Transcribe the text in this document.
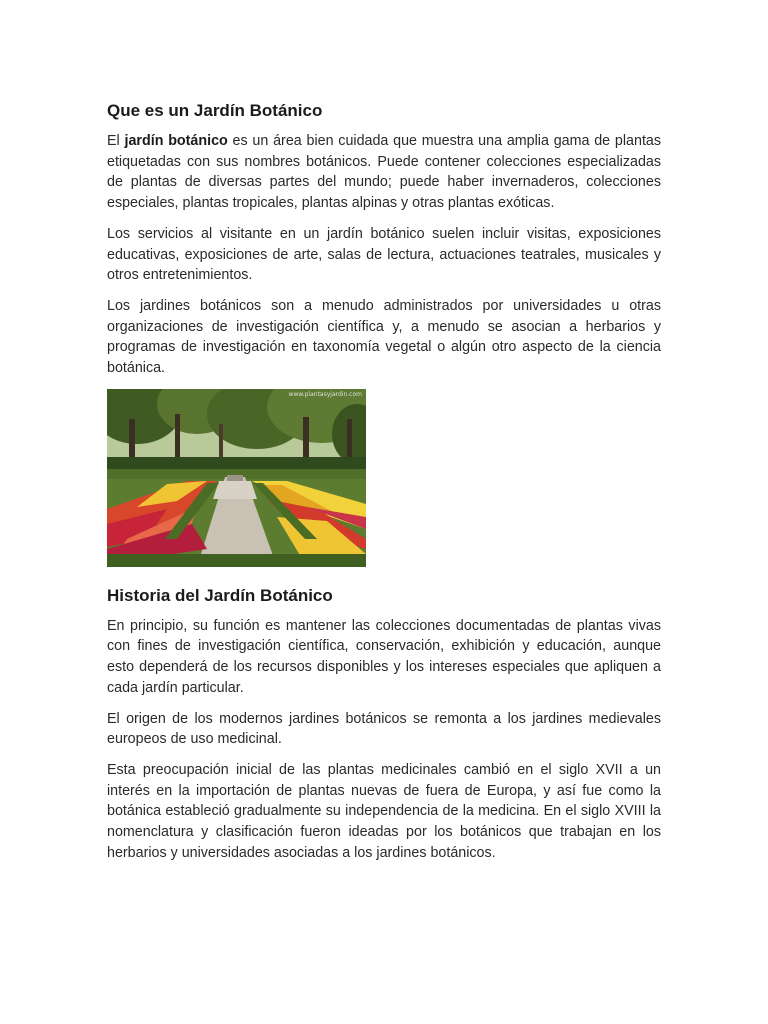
Que es un Jardín Botánico

El jardín botánico es un área bien cuidada que muestra una amplia gama de plantas etiquetadas con sus nombres botánicos. Puede contener colecciones especializadas de plantas de diversas partes del mundo; puede haber invernaderos, colecciones especiales, plantas tropicales, plantas alpinas y otras plantas exóticas.

Los servicios al visitante en un jardín botánico suelen incluir visitas, exposiciones educativas, exposiciones de arte, salas de lectura, actuaciones teatrales, musicales y otros entretenimientos.

Los jardines botánicos son a menudo administrados por universidades u otras organizaciones de investigación científica y, a menudo se asocian a herbarios y programas de investigación en taxonomía vegetal o algún otro aspecto de la ciencia botánica.

www.plantasyjardin.com
Historia del Jardín Botánico

En principio, su función es mantener las colecciones documentadas de plantas vivas con fines de investigación científica, conservación, exhibición y educación, aunque esto dependerá de los recursos disponibles y los intereses especiales que apliquen a cada jardín particular.

El origen de los modernos jardines botánicos se remonta a los jardines medievales europeos de uso medicinal.

Esta preocupación inicial de las plantas medicinales cambió en el siglo XVII a un interés en la importación de plantas nuevas de fuera de Europa, y así fue como la botánica estableció gradualmente su independencia de la medicina. En el siglo XVIII la nomenclatura y clasificación fueron ideadas por los botánicos que trabajan en los herbarios y universidades asociadas a los jardines botánicos.
